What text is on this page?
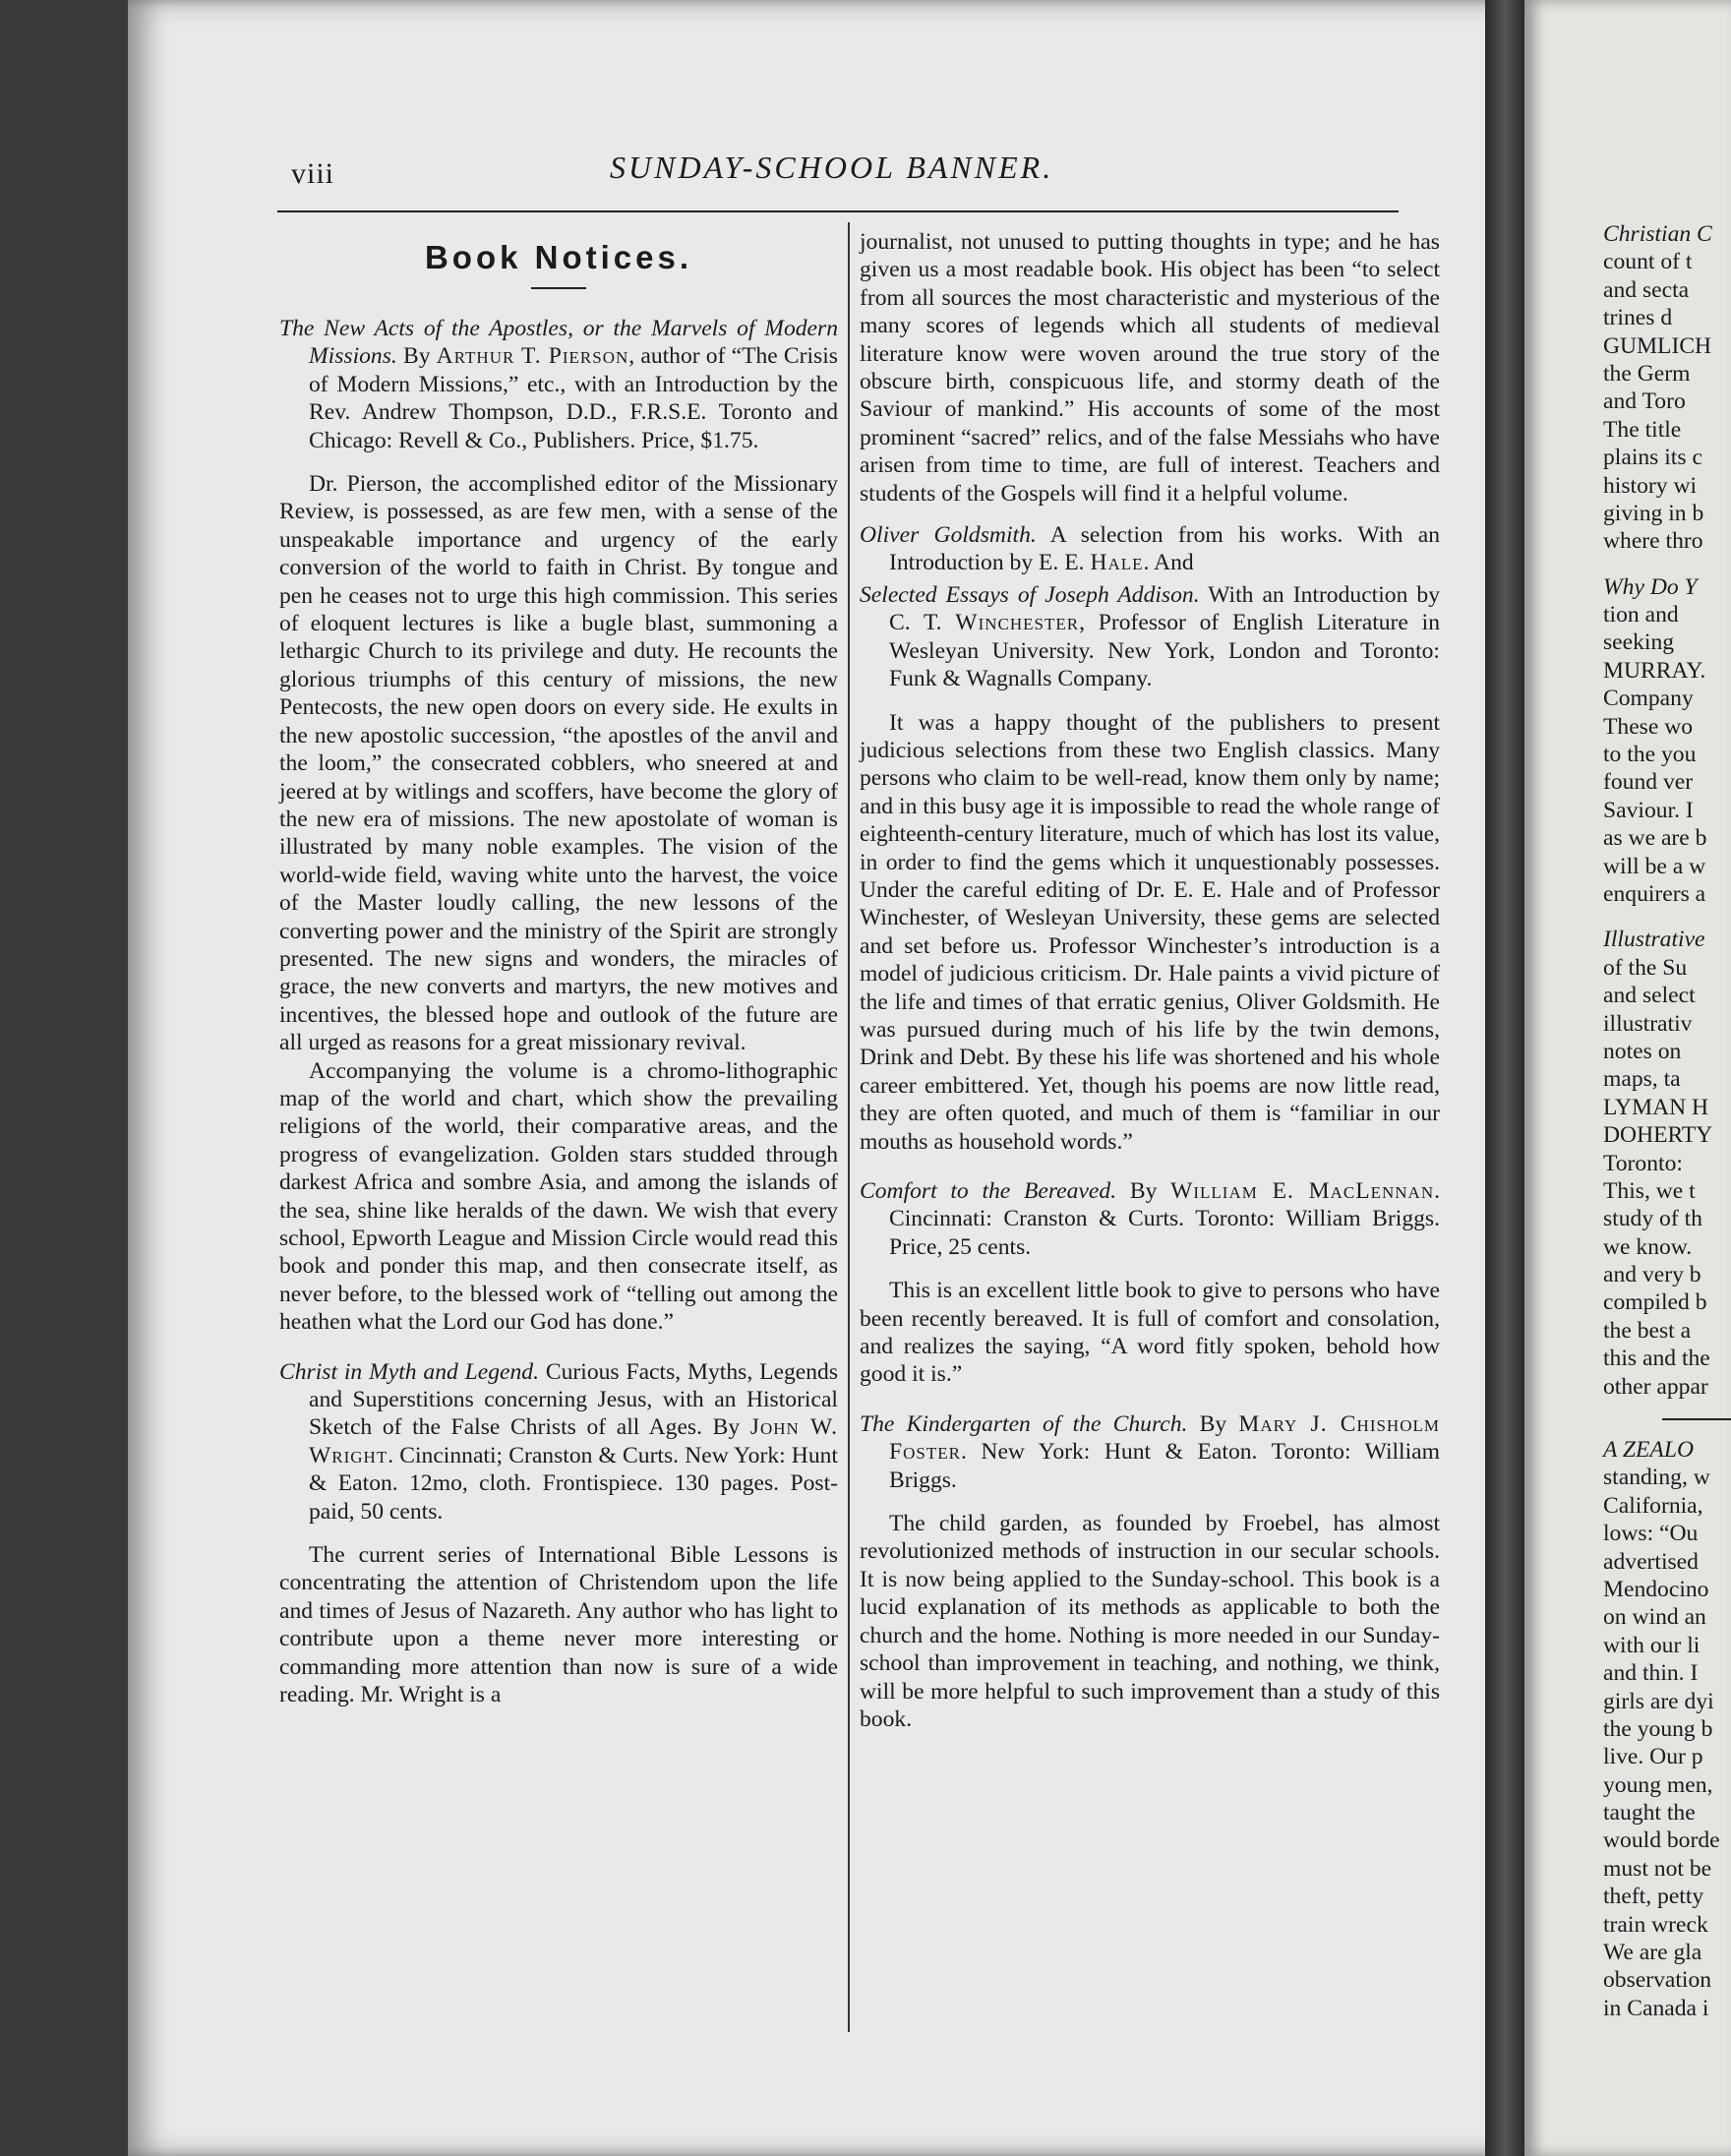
viii	SUNDAY-SCHOOL BANNER.
Book Notices.
The New Acts of the Apostles, or the Marvels of Modern Missions. By Arthur T. Pierson, author of “The Crisis of Modern Missions,” etc., with an Introduction by the Rev. Andrew Thompson, D.D., F.R.S.E. Toronto and Chicago: Revell & Co., Publishers. Price, $1.75.

Dr. Pierson, the accomplished editor of the Missionary Review, is possessed, as are few men, with a sense of the unspeakable importance and urgency of the early conversion of the world to faith in Christ. By tongue and pen he ceases not to urge this high commission. This series of eloquent lectures is like a bugle blast, summoning a lethargic Church to its privilege and duty. He recounts the glorious triumphs of this century of missions, the new Pentecosts, the new open doors on every side. He exults in the new apostolic succession, “the apostles of the anvil and the loom,” the consecrated cobblers, who sneered at and jeered at by witlings and scoffers, have become the glory of the new era of missions. The new apostolate of woman is illustrated by many noble examples. The vision of the world-wide field, waving white unto the harvest, the voice of the Master loudly calling, the new lessons of the converting power and the ministry of the Spirit are strongly presented. The new signs and wonders, the miracles of grace, the new converts and martyrs, the new motives and incentives, the blessed hope and outlook of the future are all urged as reasons for a great missionary revival.

Accompanying the volume is a chromo-lithographic map of the world and chart, which show the prevailing religions of the world, their comparative areas, and the progress of evangelization. Golden stars studded through darkest Africa and sombre Asia, and among the islands of the sea, shine like heralds of the dawn. We wish that every school, Epworth League and Mission Circle would read this book and ponder this map, and then consecrate itself, as never before, to the blessed work of “telling out among the heathen what the Lord our God has done.”

Christ in Myth and Legend. Curious Facts, Myths, Legends and Superstitions concerning Jesus, with an Historical Sketch of the False Christs of all Ages. By John W. Wright. Cincinnati; Cranston & Curts. New York: Hunt & Eaton. 12mo, cloth. Frontispiece. 130 pages. Post-paid, 50 cents.

The current series of International Bible Lessons is concentrating the attention of Christendom upon the life and times of Jesus of Nazareth. Any author who has light to contribute upon a theme never more interesting or commanding more attention than now is sure of a wide reading. Mr. Wright is a

journalist, not unused to putting thoughts in type; and he has given us a most readable book. His object has been “to select from all sources the most characteristic and mysterious of the many scores of legends which all students of medieval literature know were woven around the true story of the obscure birth, conspicuous life, and stormy death of the Saviour of mankind.” His accounts of some of the most prominent “sacred” relics, and of the false Messiahs who have arisen from time to time, are full of interest. Teachers and students of the Gospels will find it a helpful volume.

Oliver Goldsmith. A selection from his works. With an Introduction by E. E. Hale. And
Selected Essays of Joseph Addison. With an Introduction by C. T. Winchester, Professor of English Literature in Wesleyan University. New York, London and Toronto: Funk & Wagnalls Company.

It was a happy thought of the publishers to present judicious selections from these two English classics. Many persons who claim to be well-read, know them only by name; and in this busy age it is impossible to read the whole range of eighteenth-century literature, much of which has lost its value, in order to find the gems which it unquestionably possesses. Under the careful editing of Dr. E. E. Hale and of Professor Winchester, of Wesleyan University, these gems are selected and set before us. Professor Winchester’s introduction is a model of judicious criticism. Dr. Hale paints a vivid picture of the life and times of that erratic genius, Oliver Goldsmith. He was pursued during much of his life by the twin demons, Drink and Debt. By these his life was shortened and his whole career embittered. Yet, though his poems are now little read, they are often quoted, and much of them is “familiar in our mouths as household words.”

Comfort to the Bereaved. By William E. MacLennan. Cincinnati: Cranston & Curts. Toronto: William Briggs. Price, 25 cents.

This is an excellent little book to give to persons who have been recently bereaved. It is full of comfort and consolation, and realizes the saying, “A word fitly spoken, behold how good it is.”

The Kindergarten of the Church. By Mary J. Chisholm Foster. New York: Hunt & Eaton. Toronto: William Briggs.

The child garden, as founded by Froebel, has almost revolutionized methods of instruction in our secular schools. It is now being applied to the Sunday-school. This book is a lucid explanation of its methods as applicable to both the church and the home. Nothing is more needed in our Sunday-school than improvement in teaching, and nothing, we think, will be more helpful to such improvement than a study of this book.

Christian C
count of t
and secta
trines d
GUMLICH
the Germ
and Toro
The title
plains its c
history wi
giving in b
where thro
Why Do Y
tion and
seeking
MURRAY.
Company
These wo
to the you
found ver
Saviour. I
as we are b
will be a w
enquirers a
Illustrative
of the Su
and select
illustrativ
notes on
maps, ta
LYMAN H
DOHERTY
Toronto:
This, we t
study of th
we know.
and very b
compiled b
the best a
this and the
other appar
A ZEALO
standing, w
California,
lows: “Ou
advertised
Mendocino
on wind an
with our li
and thin. I
girls are dyi
the young b
live. Our p
young men,
taught the
would borde
must not be
theft, petty
train wreck
We are gla
observation
in Canada i
